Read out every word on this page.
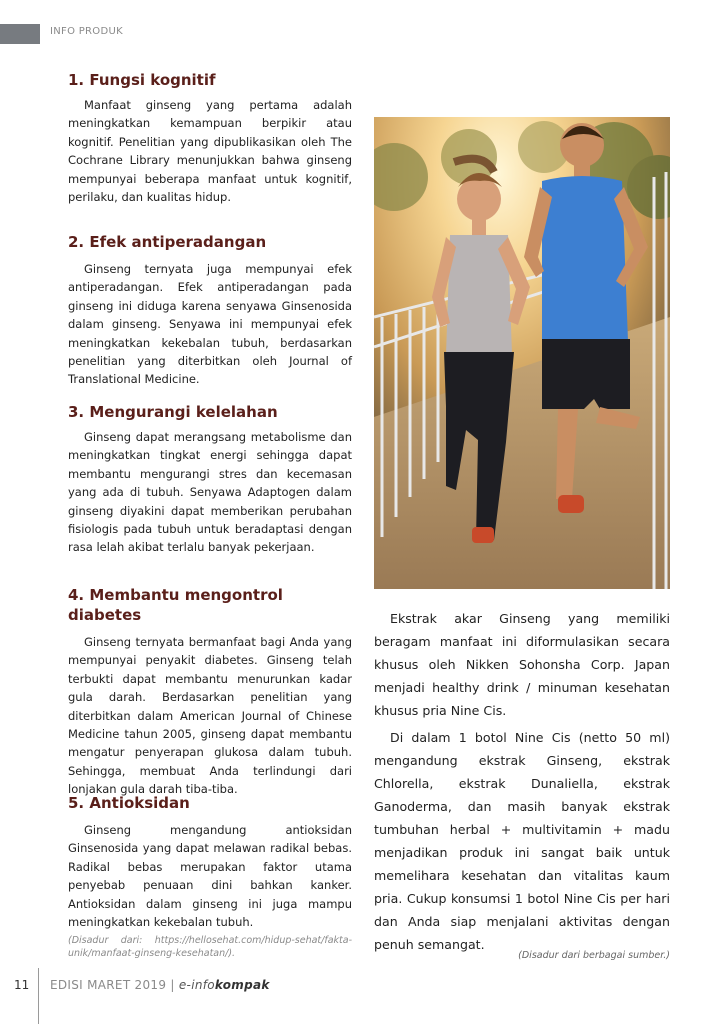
INFO PRODUK
1. Fungsi kognitif

Manfaat ginseng yang pertama adalah meningkatkan kemampuan berpikir atau kognitif. Penelitian yang dipublikasikan oleh The Cochrane Library menunjukkan bahwa ginseng mempunyai beberapa manfaat untuk kognitif, perilaku, dan kualitas hidup.

2. Efek antiperadangan

Ginseng ternyata juga mempunyai efek antiperadangan. Efek antiperadangan pada ginseng ini diduga karena senyawa Ginsenosida dalam ginseng. Senyawa ini mempunyai efek meningkatkan kekebalan tubuh, berdasarkan penelitian yang diterbitkan oleh Journal of Translational Medicine.

3. Mengurangi kelelahan

Ginseng dapat merangsang metabolisme dan meningkatkan tingkat energi sehingga dapat membantu mengurangi stres dan kecemasan yang ada di tubuh. Senyawa Adaptogen dalam ginseng diyakini dapat memberikan perubahan fisiologis pada tubuh untuk beradaptasi dengan rasa lelah akibat terlalu banyak pekerjaan.

4. Membantu mengontrol diabetes

Ginseng ternyata bermanfaat bagi Anda yang mempunyai penyakit diabetes. Ginseng telah terbukti dapat membantu menurunkan kadar gula darah. Berdasarkan penelitian yang diterbitkan dalam American Journal of Chinese Medicine tahun 2005, ginseng dapat membantu mengatur penyerapan glukosa dalam tubuh. Sehingga, membuat Anda terlindungi dari lonjakan gula darah tiba-tiba.

5. Antioksidan

Ginseng mengandung antioksidan Ginsenosida yang dapat melawan radikal bebas. Radikal bebas merupakan faktor utama penyebab penuaan dini bahkan kanker. Antioksidan dalam ginseng ini juga mampu meningkatkan kekebalan tubuh.

(Disadur dari: https://hellosehat.com/hidup-sehat/fakta-unik/manfaat-ginseng-kesehatan/).

Ekstrak akar Ginseng yang memiliki beragam manfaat ini diformulasikan secara khusus oleh Nikken Sohonsha Corp. Japan menjadi healthy drink / minuman kesehatan khusus pria Nine Cis.

Di dalam 1 botol Nine Cis (netto 50 ml) mengandung ekstrak Ginseng, ekstrak Chlorella, ekstrak Dunaliella, ekstrak Ganoderma, dan masih banyak ekstrak tumbuhan herbal + multivitamin + madu menjadikan produk ini sangat baik untuk memelihara kesehatan dan vitalitas kaum pria. Cukup konsumsi 1 botol Nine Cis per hari dan Anda siap menjalani aktivitas dengan penuh semangat.

(Disadur dari berbagai sumber.)
11 EDISI MARET 2019 | e-infokompak
